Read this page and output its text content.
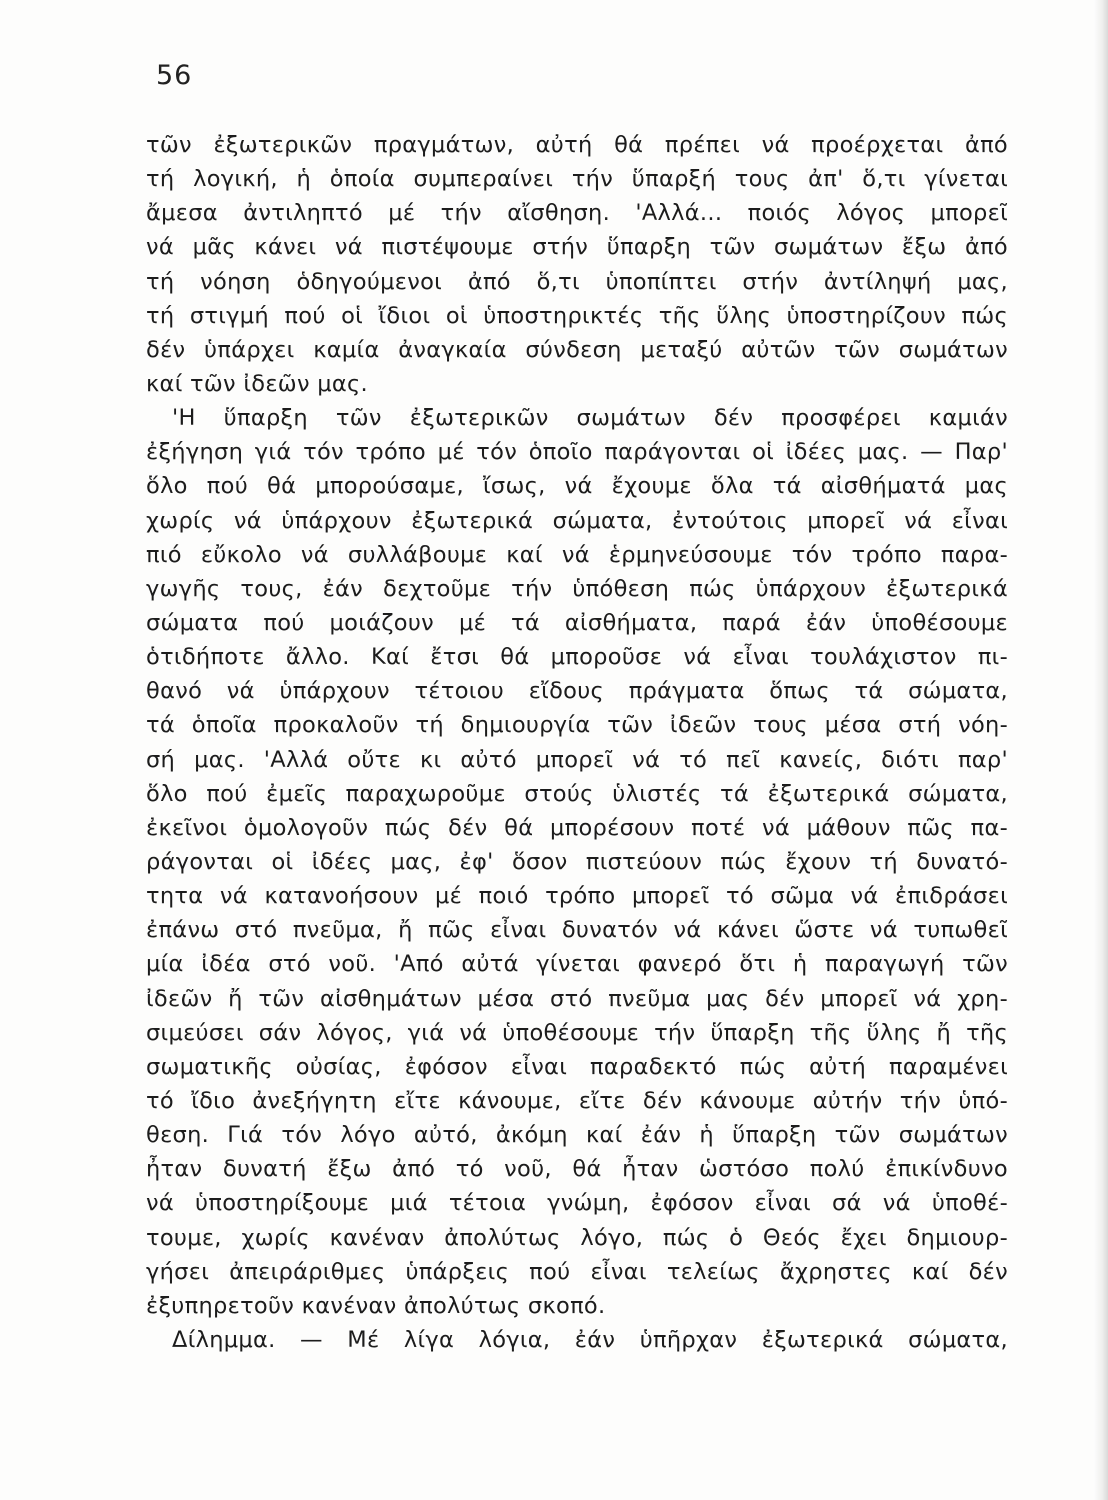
56
τῶν ἐξωτερικῶν πραγμάτων, αὐτή θά πρέπει νά προέρχεται ἀπό
τή λογική, ἡ ὁποία συμπεραίνει τήν ὕπαρξή τους ἀπ' ὅ,τι γίνεται
ἄμεσα ἀντιληπτό μέ τήν αἴσθηση. 'Αλλά... ποιός λόγος μπορεῖ
νά μᾶς κάνει νά πιστέψουμε στήν ὕπαρξη τῶν σωμάτων ἔξω ἀπό
τή νόηση ὁδηγούμενοι ἀπό ὅ,τι ὑποπίπτει στήν ἀντίληψή μας,
τή στιγμή πού οἱ ἴδιοι οἱ ὑποστηρικτές τῆς ὕλης ὑποστηρίζουν πώς
δέν ὑπάρχει καμία ἀναγκαία σύνδεση μεταξύ αὐτῶν τῶν σωμάτων
καί τῶν ἰδεῶν μας.
'Η ὕπαρξη τῶν ἐξωτερικῶν σωμάτων δέν προσφέρει καμιάν
ἐξήγηση γιά τόν τρόπο μέ τόν ὁποῖο παράγονται οἱ ἰδέες μας. — Παρ'
ὅλο πού θά μπορούσαμε, ἴσως, νά ἔχουμε ὅλα τά αἰσθήματά μας
χωρίς νά ὑπάρχουν ἐξωτερικά σώματα, ἐντούτοις μπορεῖ νά εἶναι
πιό εὔκολο νά συλλάβουμε καί νά ἑρμηνεύσουμε τόν τρόπο παρα-
γωγῆς τους, ἐάν δεχτοῦμε τήν ὑπόθεση πώς ὑπάρχουν ἐξωτερικά
σώματα πού μοιάζουν μέ τά αἰσθήματα, παρά ἐάν ὑποθέσουμε
ὁτιδήποτε ἄλλο. Καί ἔτσι θά μποροῦσε νά εἶναι τουλάχιστον πι-
θανό νά ὑπάρχουν τέτοιου εἴδους πράγματα ὅπως τά σώματα,
τά ὁποῖα προκαλοῦν τή δημιουργία τῶν ἰδεῶν τους μέσα στή νόη-
σή μας. 'Αλλά οὔτε κι αὐτό μπορεῖ νά τό πεῖ κανείς, διότι παρ'
ὅλο πού ἐμεῖς παραχωροῦμε στούς ὑλιστές τά ἐξωτερικά σώματα,
ἐκεῖνοι ὁμολογοῦν πώς δέν θά μπορέσουν ποτέ νά μάθουν πῶς πα-
ράγονται οἱ ἰδέες μας, ἐφ' ὅσον πιστεύουν πώς ἔχουν τή δυνατό-
τητα νά κατανοήσουν μέ ποιό τρόπο μπορεῖ τό σῶμα νά ἐπιδράσει
ἐπάνω στό πνεῦμα, ἤ πῶς εἶναι δυνατόν νά κάνει ὥστε νά τυπωθεῖ
μία ἰδέα στό νοῦ. 'Από αὐτά γίνεται φανερό ὅτι ἡ παραγωγή τῶν
ἰδεῶν ἤ τῶν αἰσθημάτων μέσα στό πνεῦμα μας δέν μπορεῖ νά χρη-
σιμεύσει σάν λόγος, γιά νά ὑποθέσουμε τήν ὕπαρξη τῆς ὕλης ἤ τῆς
σωματικῆς οὐσίας, ἐφόσον εἶναι παραδεκτό πώς αὐτή παραμένει
τό ἴδιο ἀνεξήγητη εἴτε κάνουμε, εἴτε δέν κάνουμε αὐτήν τήν ὑπό-
θεση. Γιά τόν λόγο αὐτό, ἀκόμη καί ἐάν ἡ ὕπαρξη τῶν σωμάτων
ἦταν δυνατή ἔξω ἀπό τό νοῦ, θά ἦταν ὡστόσο πολύ ἐπικίνδυνο
νά ὑποστηρίξουμε μιά τέτοια γνώμη, ἐφόσον εἶναι σά νά ὑποθέ-
τουμε, χωρίς κανέναν ἀπολύτως λόγο, πώς ὁ Θεός ἔχει δημιουρ-
γήσει ἀπειράριθμες ὑπάρξεις πού εἶναι τελείως ἄχρηστες καί δέν
ἐξυπηρετοῦν κανέναν ἀπολύτως σκοπό.
Δίλημμα. — Μέ λίγα λόγια, ἐάν ὑπῆρχαν ἐξωτερικά σώματα,
